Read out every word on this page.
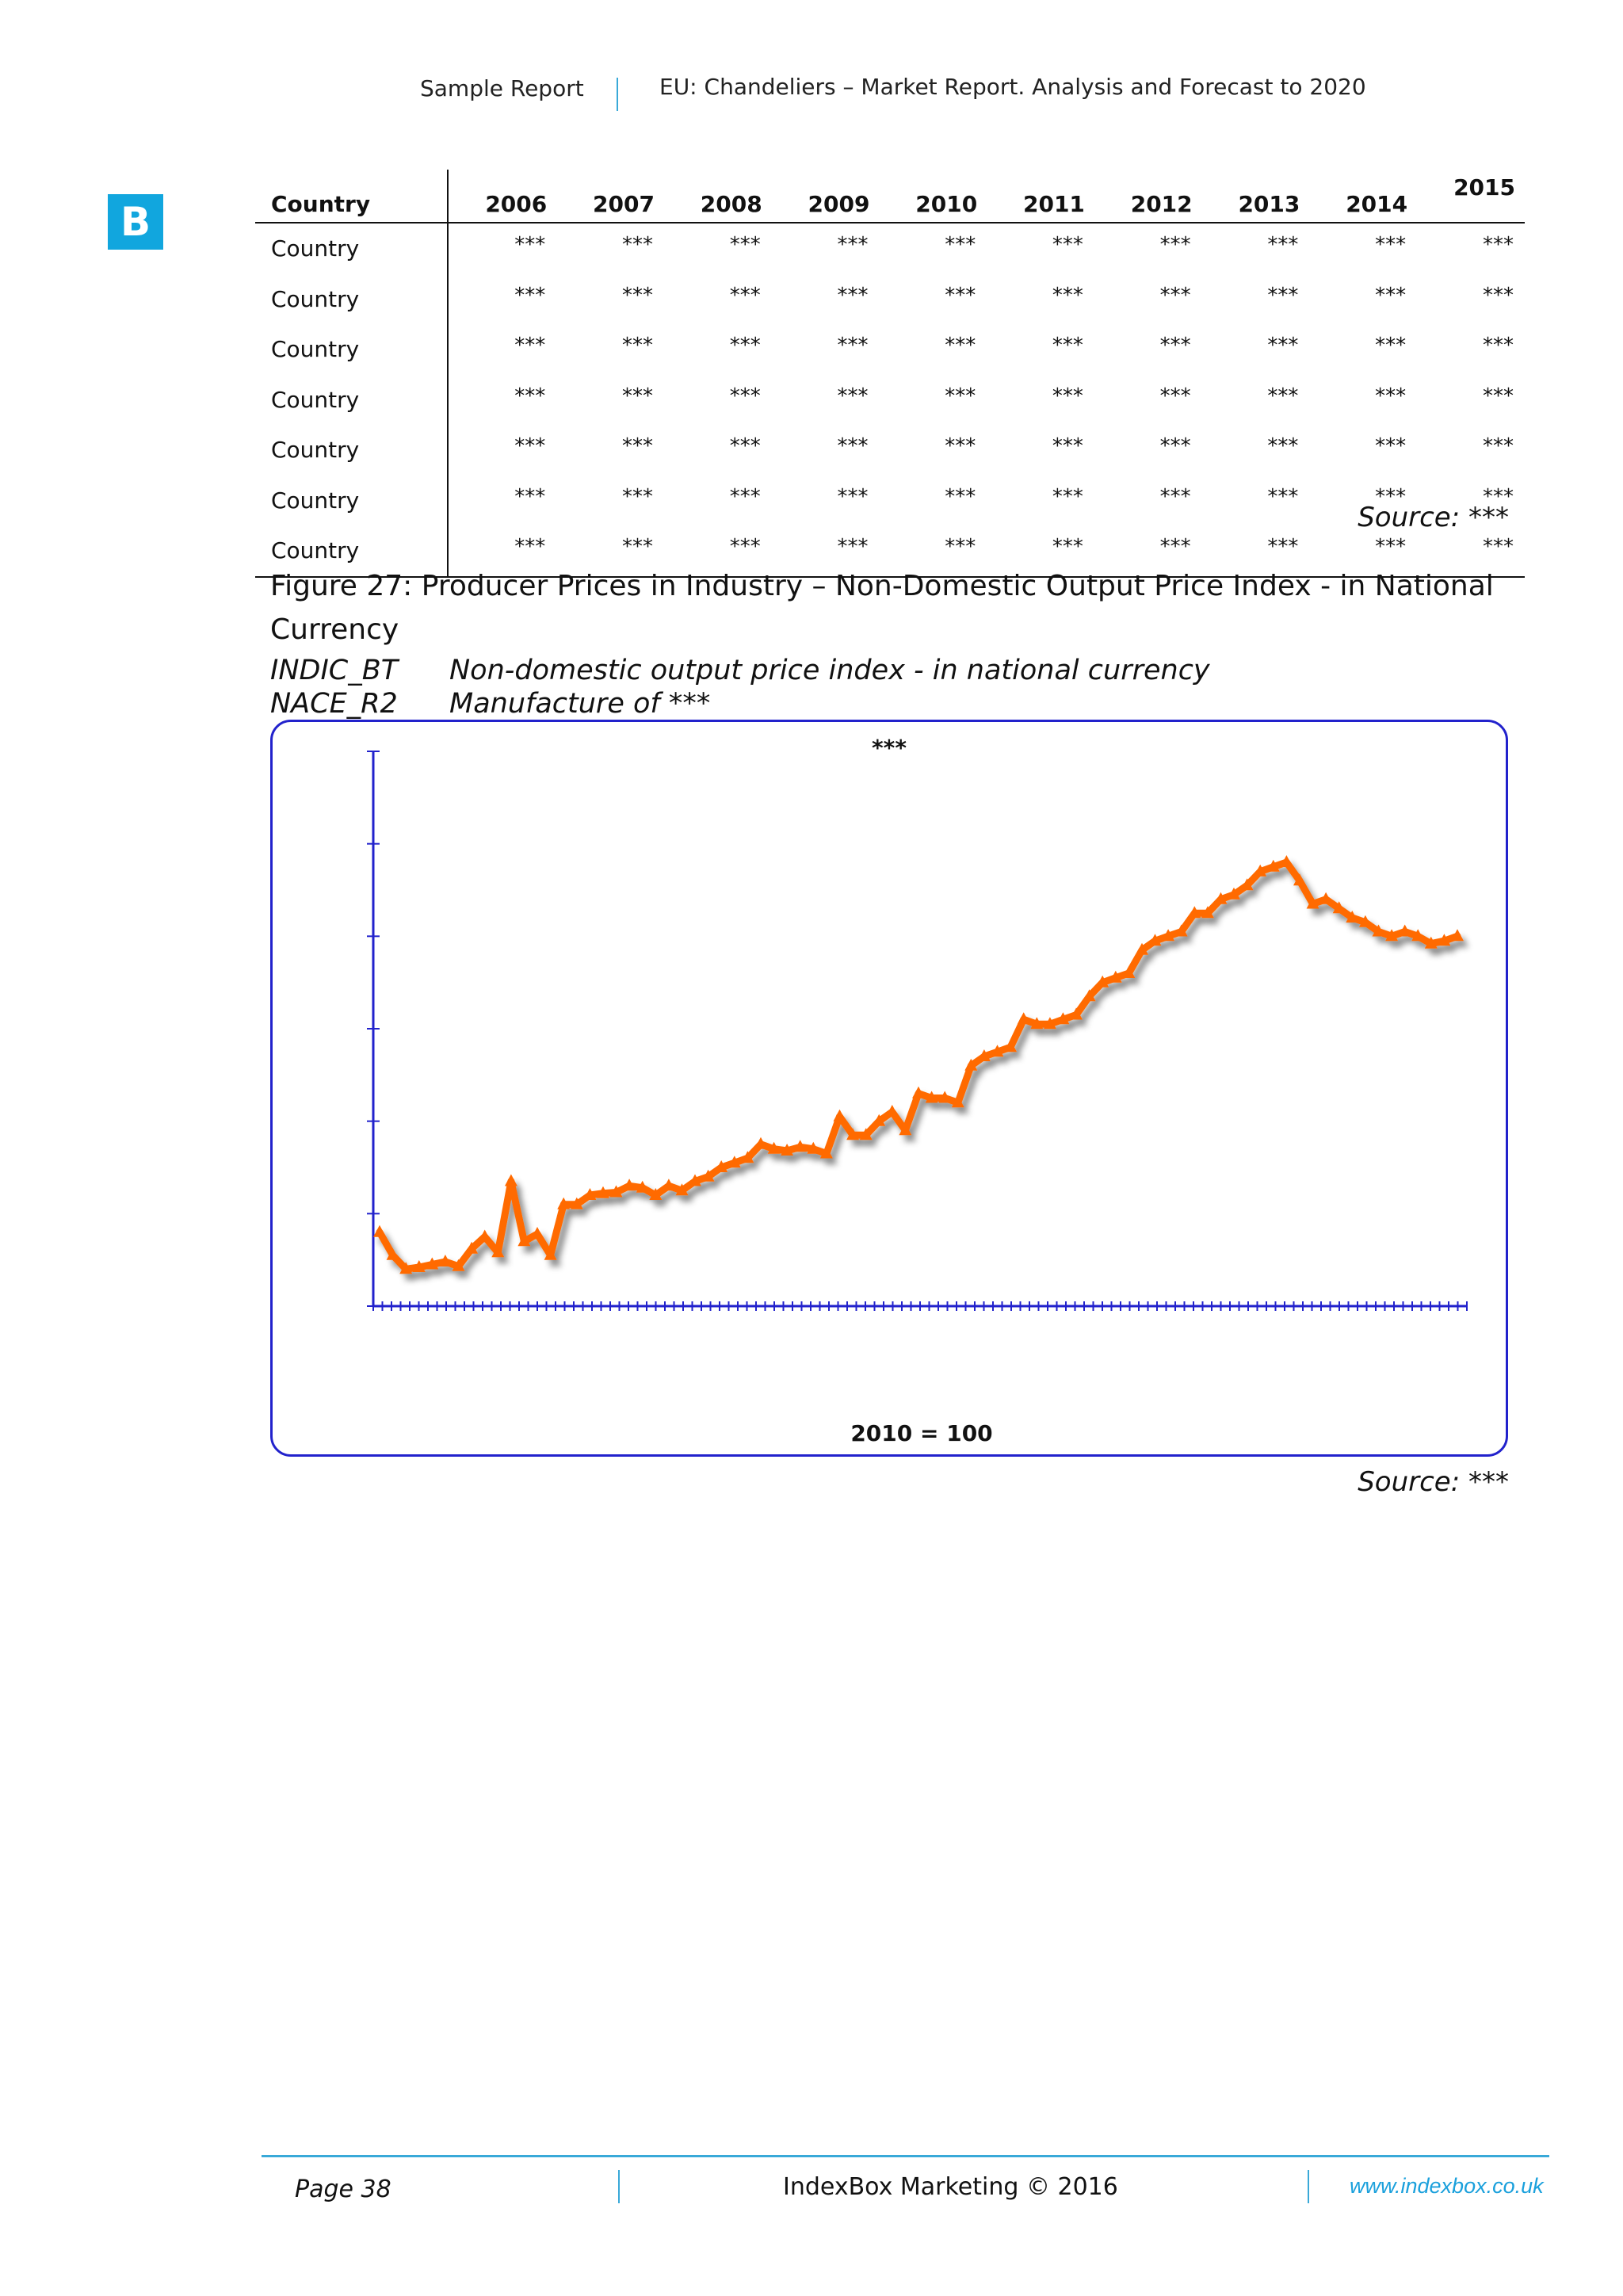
Sample Report	EU: Chandeliers – Market Report. Analysis and Forecast to 2020
B	Country	2006	2007	2008	2009	2010	2011	2012	2013	2014	2015
Country	***	***	***	***	***	***	***	***	***	***
Country	***	***	***	***	***	***	***	***	***	***
Country	***	***	***	***	***	***	***	***	***	***
Country	***	***	***	***	***	***	***	***	***	***
Country	***	***	***	***	***	***	***	***	***	***
Country	***	***	***	***	***	***	***	***	***	***
Country	***	***	***	***	***	***	***	***	***	***
Source: ***
Figure 27: Producer Prices in Industry – Non-Domestic Output Price Index - in National Currency
INDIC_BT Non-domestic output price index - in national currency
NACE_R2 Manufacture of ***
***
2010 = 100
Source: ***
Page 38	IndexBox Marketing © 2016	www.indexbox.co.uk
